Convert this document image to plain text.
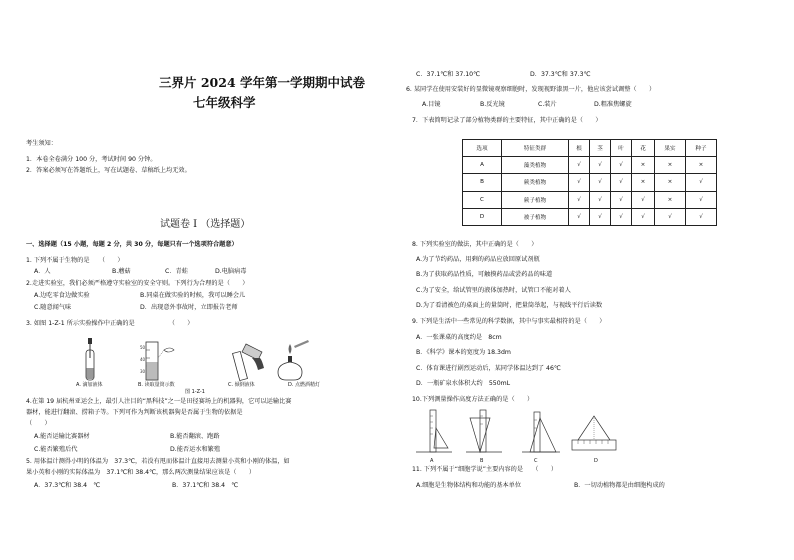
三界片 2024 学年第一学期期中试卷
七年级科学
考生须知：
1．本卷全卷满分 100 分，考试时间 90 分钟。
2．答案必须写在答题纸上，写在试题卷、草稿纸上均无效。
试题卷 I （选择题）
一、选择题（15 小题，每题 2 分，共 30 分，每题只有一个选项符合题意）
1. 下列不属于生物的是　　（　　）
A．人	B.蘑菇	C．青蛙	D.电脑病毒
2.走进实验室，我们必须严格遵守实验室的安全守则。下列行为合理的是（　　）
A.边吃零食边做实验	B.同桌在做实验的时候，我可以睡会儿
C.随意闻气味	D．出现意外事故时，立即报告老师
3. 如图 1-Z-1 所示实验操作中正确的是　　　　　　（　　）
50
40
30
A. 滴加液体	B. 读取量筒示数	C. 倾倒液体	D. 点燃酒精灯
图 1-Z-1
4.在第 19 届杭州亚运会上，最引人注目的“黑科技”之一是田径赛场上的机器狗，它可以运输比赛
器材，能进行翻滚、捞箱子等。下列可作为判断该机器狗是否属于生物的依据是
（　　）
A.能否运输比赛器材	B.能否翻滚、跑路
C.能否繁殖后代	D.能否运水和繁殖
5. 用体温计测得小明的体温为　37.3℃，若没有甩而体温计直接用去测量小英和小刚的体温，如
果小英和小刚的实际体温为　37.1℃和 38.4℃，那么两次测量结果应该是（　　）
A．37.3℃和 38.4　℃	B．37.1℃和 38.4　℃
C．37.1℃和 37.10℃	D．37.3℃和 37.3℃
6. 某同学在使用安装好的显微镜观察细胞时，发现视野漆黑一片，他应该尝试调整（　　）
A.目镜	B.反光镜	C.装片	D.粗准焦螺旋
7．下表简明记录了部分植物类群的主要特征，其中正确的是（　　）
选项	特征类群	根	茎	叶	花	果实	种子
A	藻类植物	√	√	√	×	×	×
B	蕨类植物	√	√	√	×	×	√
C	蕨子植物	√	√	√	√	×	√
D	被子植物	√	√	√	√	√	√
8. 下列实验室的做法，其中正确的是（　　）
A.为了节约药品，用剩的药品应放回原试剂瓶
B.为了获取药品性质，可触摸药品或尝药品的味道
C.为了安全，给试管里的液体加热时，试管口不能对着人
D.为了看清被色的桌面上的量筒时，把量筒举起，与视线平行后读数
9. 下列是生活中一些常见的科学数据，其中与事实最相符的是（　　）
A．一张课桌的高度约是　8cm
B．《科学》课本的宽度为 18.3dm
C．体育课进行剧烈运动后，某同学体温达到了 46℃
D．一瓶矿泉水体积大约　550mL
10.下列测量操作高度方法正确的是（　　）
A	B	C	D
11. 下列不属于“细胞学说”主要内容的是　　（　　）
A.细胞是生物体结构和功能的基本单位	B．一切动植物都是由细胞构成的
